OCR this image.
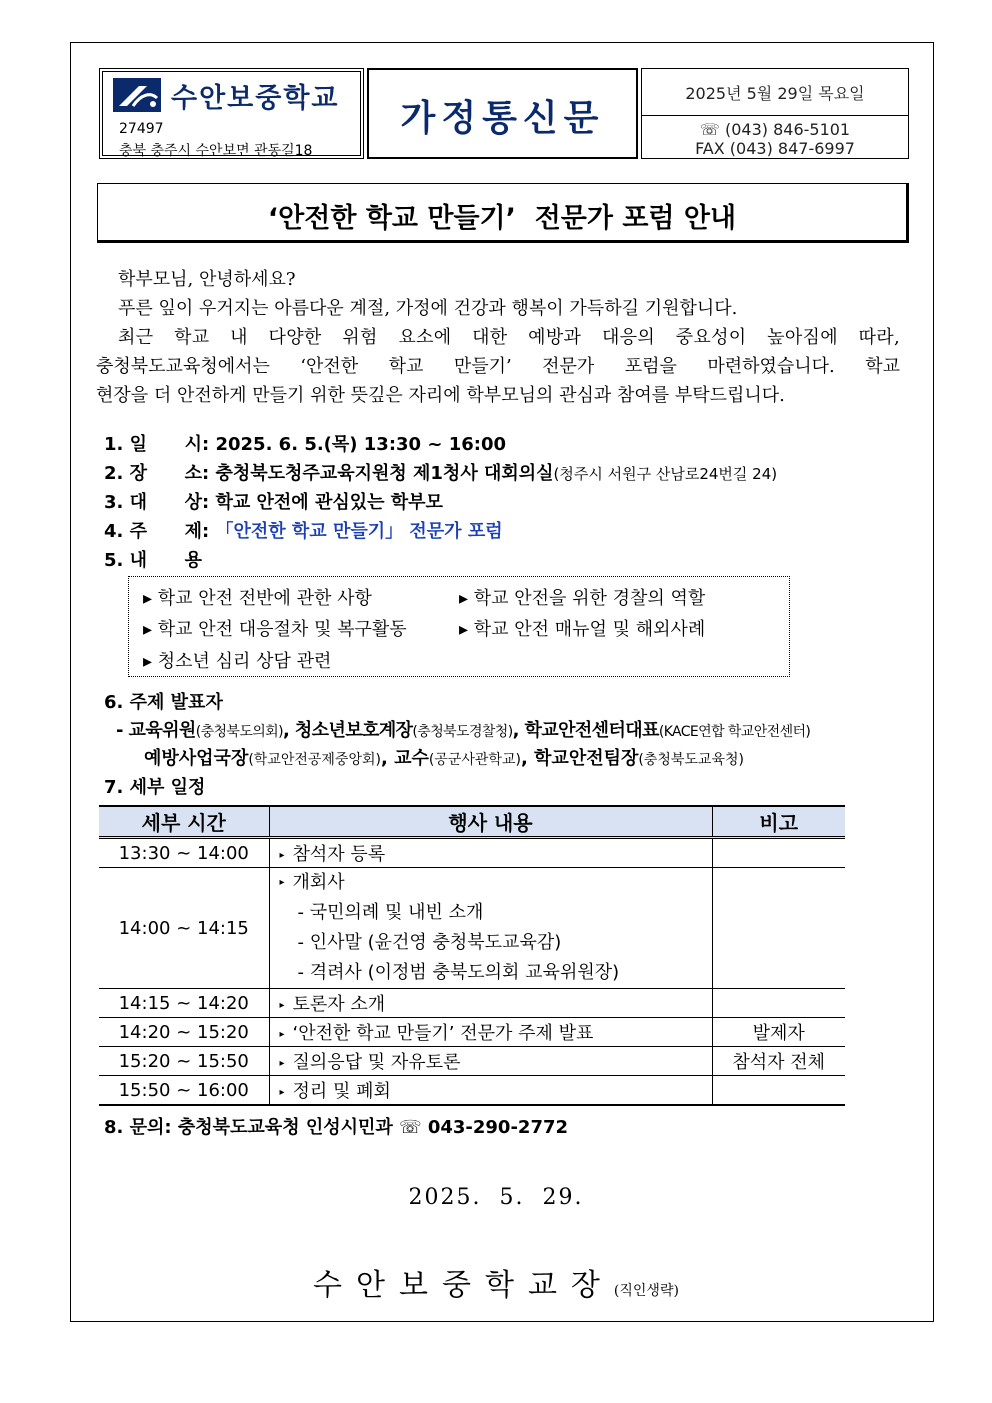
수안보중학교
27497
충북 충주시 수안보면 관동길18
가정통신문
2025년 5월 29일 목요일
☏ (043) 846-5101
FAX (043) 847-6997
‘안전한 학교 만들기’  전문가 포럼 안내
학부모님, 안녕하세요?
푸른 잎이 우거지는 아름다운 계절, 가정에 건강과 행복이 가득하길 기원합니다.
최근 학교 내 다양한 위험 요소에 대한 예방과 대응의 중요성이 높아짐에 따라,
충청북도교육청에서는 ‘안전한 학교 만들기’ 전문가 포럼을 마련하였습니다. 학교
현장을 더 안전하게 만들기 위한 뜻깊은 자리에 학부모님의 관심과 참여를 부탁드립니다.
1. 일      시: 2025. 6. 5.(목) 13:30 ~ 16:00
2. 장      소: 충청북도청주교육지원청 제1청사 대회의실(청주시 서원구 산남로24번길 24)
3. 대      상: 학교 안전에 관심있는 학부모
4. 주      제: 「안전한 학교 만들기」 전문가 포럼
5. 내      용
▸ 학교 안전 전반에 관한 사항	▸ 학교 안전을 위한 경찰의 역할
▸ 학교 안전 대응절차 및 복구활동	▸ 학교 안전 매뉴얼 및 해외사례
▸ 청소년 심리 상담 관련
6. 주제 발표자
- 교육위원(충청북도의회), 청소년보호계장(충청북도경찰청), 학교안전센터대표(KACE연합 학교안전센터)
예방사업국장(학교안전공제중앙회), 교수(공군사관학교), 학교안전팀장(충청북도교육청)
7. 세부 일정
세부 시간	행사 내용	비고
13:30 ~ 14:00	▸ 참석자 등록	
14:00 ~ 14:15	▸ 개회사
- 국민의례 및 내빈 소개
- 인사말 (윤건영 충청북도교육감)
- 격려사 (이정범 충북도의회 교육위원장)	

14:15 ~ 14:20	▸ 토론자 소개	
14:20 ~ 15:20	▸ ‘안전한 학교 만들기’ 전문가 주제 발표	발제자
15:20 ~ 15:50	▸ 질의응답 및 자유토론	참석자 전체
15:50 ~ 16:00	▸ 정리 및 폐회	
8. 문의: 충청북도교육청 인성시민과 ☏ 043-290-2772
2025.  5.  29.
수안보중학교장(직인생략)
